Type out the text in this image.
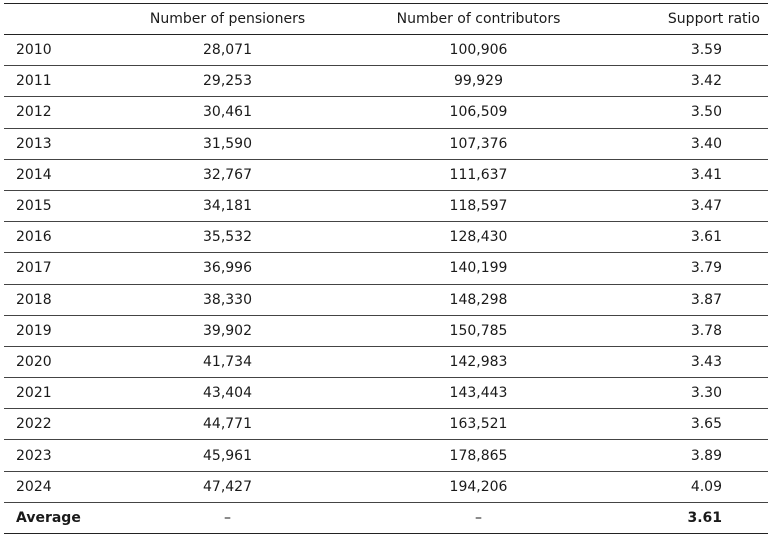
	Number of pensioners	Number of contributors	Support ratio
2010	28,071	100,906	3.59
2011	29,253	99,929	3.42
2012	30,461	106,509	3.50
2013	31,590	107,376	3.40
2014	32,767	111,637	3.41
2015	34,181	118,597	3.47
2016	35,532	128,430	3.61
2017	36,996	140,199	3.79
2018	38,330	148,298	3.87
2019	39,902	150,785	3.78
2020	41,734	142,983	3.43
2021	43,404	143,443	3.30
2022	44,771	163,521	3.65
2023	45,961	178,865	3.89
2024	47,427	194,206	4.09
Average	–	–	3.61
